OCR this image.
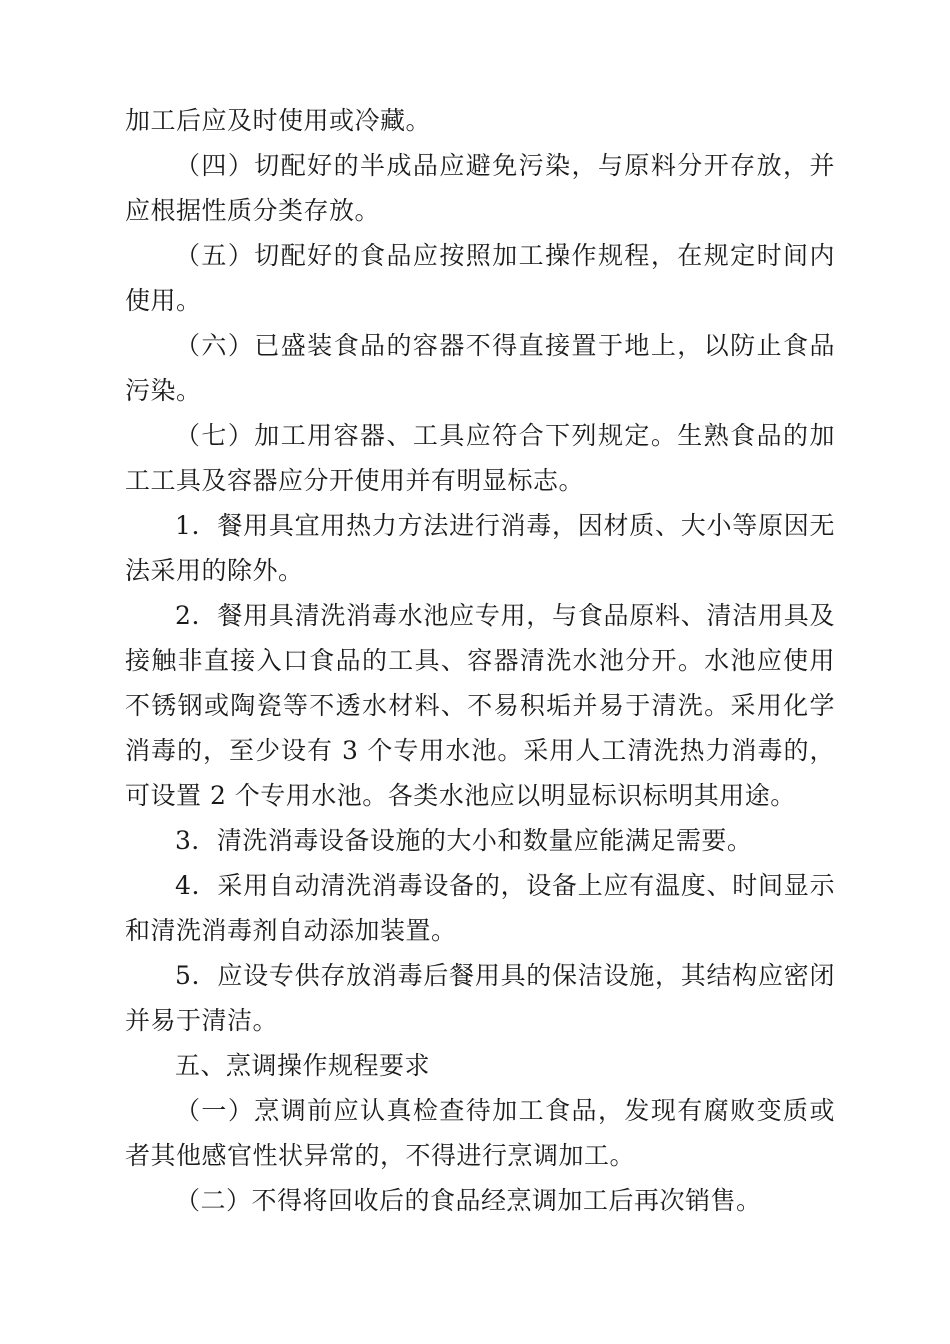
加工后应及时使用或冷藏。

（四）切配好的半成品应避免污染，与原料分开存放，并应根据性质分类存放。

（五）切配好的食品应按照加工操作规程，在规定时间内使用。

（六）已盛装食品的容器不得直接置于地上，以防止食品污染。

（七）加工用容器、工具应符合下列规定。生熟食品的加工工具及容器应分开使用并有明显标志。

1．餐用具宜用热力方法进行消毒，因材质、大小等原因无法采用的除外。

2．餐用具清洗消毒水池应专用，与食品原料、清洁用具及接触非直接入口食品的工具、容器清洗水池分开。水池应使用不锈钢或陶瓷等不透水材料、不易积垢并易于清洗。采用化学消毒的，至少设有 3 个专用水池。采用人工清洗热力消毒的，可设置 2 个专用水池。各类水池应以明显标识标明其用途。

3．清洗消毒设备设施的大小和数量应能满足需要。

4．采用自动清洗消毒设备的，设备上应有温度、时间显示和清洗消毒剂自动添加装置。

5．应设专供存放消毒后餐用具的保洁设施，其结构应密闭并易于清洁。

五、烹调操作规程要求

（一）烹调前应认真检查待加工食品，发现有腐败变质或者其他感官性状异常的，不得进行烹调加工。

（二）不得将回收后的食品经烹调加工后再次销售。
